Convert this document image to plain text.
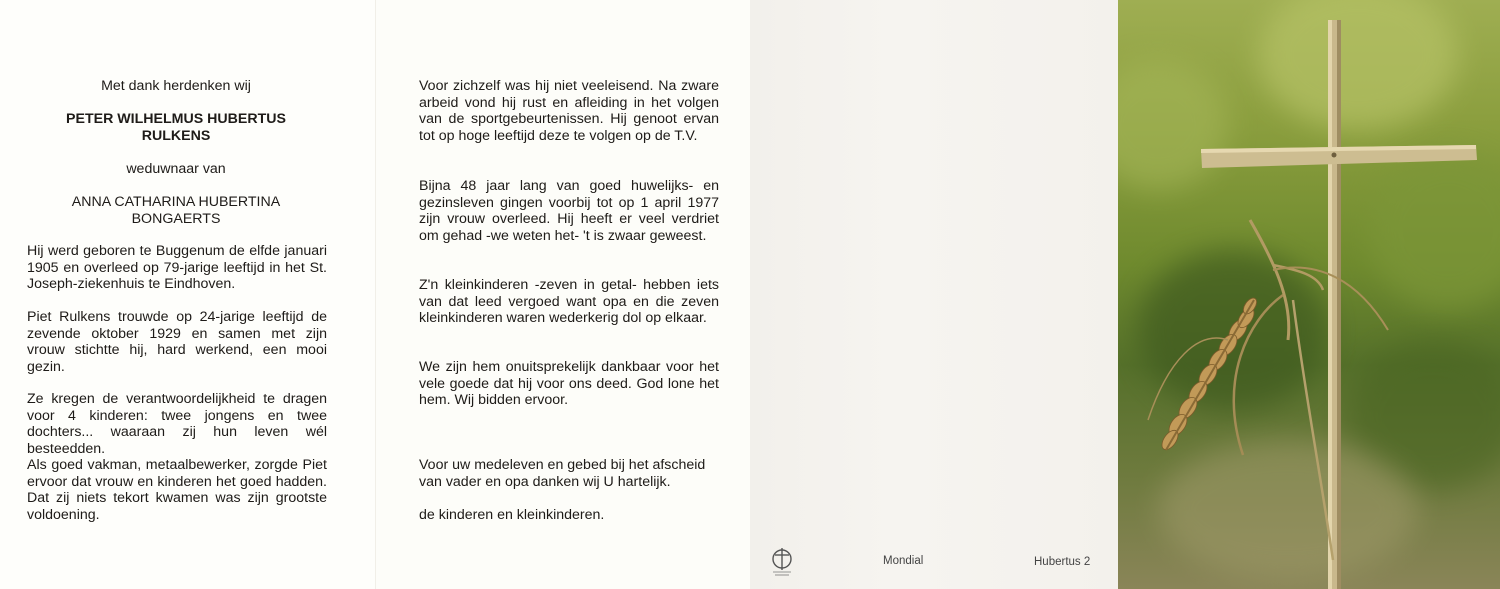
Met dank herdenken wij

PETER WILHELMUS HUBERTUS
RULKENS

weduwnaar van

ANNA CATHARINA HUBERTINA
BONGAERTS

Hij werd geboren te Buggenum de elfde januari 1905 en overleed op 79-jarige leeftijd in het St. Joseph-ziekenhuis te Eindhoven.

Piet Rulkens trouwde op 24-jarige leeftijd de zevende oktober 1929 en samen met zijn vrouw stichtte hij, hard werkend, een mooi gezin.

Ze kregen de verantwoordelijkheid te dragen voor 4 kinderen: twee jongens en twee dochters... waaraan zij hun leven wél besteedden.

Als goed vakman, metaalbewerker, zorgde Piet ervoor dat vrouw en kinderen het goed hadden. Dat zij niets tekort kwamen was zijn grootste voldoening.

Voor zichzelf was hij niet veeleisend. Na zware arbeid vond hij rust en afleiding in het volgen van de sportgebeurtenissen. Hij genoot ervan tot op hoge leeftijd deze te volgen op de T.V.

Bijna 48 jaar lang van goed huwelijks- en gezinsleven gingen voorbij tot op 1 april 1977 zijn vrouw overleed. Hij heeft er veel verdriet om gehad -we weten het- 't is zwaar geweest.

Z'n kleinkinderen -zeven in getal- hebben iets van dat leed vergoed want opa en die zeven kleinkinderen waren wederkerig dol op elkaar.

We zijn hem onuitsprekelijk dankbaar voor het vele goede dat hij voor ons deed. God lone het hem. Wij bidden ervoor.

Voor uw medeleven en gebed bij het afscheid van vader en opa danken wij U hartelijk.

de kinderen en kleinkinderen.

Mondial	Hubertus 2
